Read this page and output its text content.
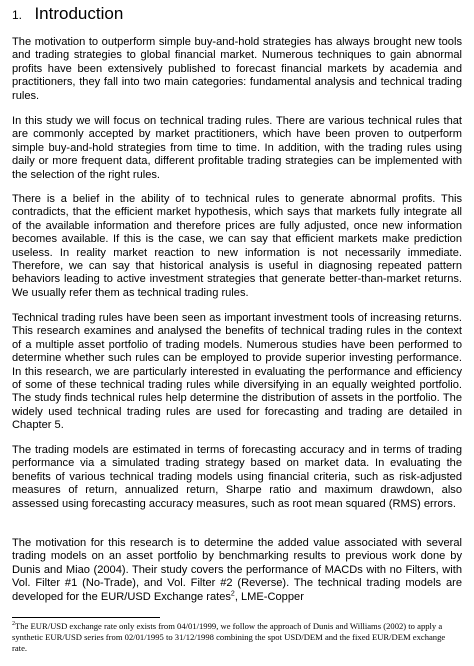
1. Introduction

The motivation to outperform simple buy-and-hold strategies has always brought new tools and trading strategies to global financial market. Numerous techniques to gain abnormal profits have been extensively published to forecast financial markets by academia and practitioners, they fall into two main categories: fundamental analysis and technical trading rules.

In this study we will focus on technical trading rules. There are various technical rules that are commonly accepted by market practitioners, which have been proven to outperform simple buy-and-hold strategies from time to time. In addition, with the trading rules using daily or more frequent data, different profitable trading strategies can be implemented with the selection of the right rules.

There is a belief in the ability of to technical rules to generate abnormal profits. This contradicts, that the efficient market hypothesis, which says that markets fully integrate all of the available information and therefore prices are fully adjusted, once new information becomes available. If this is the case, we can say that efficient markets make prediction useless. In reality market reaction to new information is not necessarily immediate. Therefore, we can say that historical analysis is useful in diagnosing repeated pattern behaviors leading to active investment strategies that generate better-than-market returns. We usually refer them as technical trading rules.

Technical trading rules have been seen as important investment tools of increasing returns. This research examines and analysed the benefits of technical trading rules in the context of a multiple asset portfolio of trading models. Numerous studies have been performed to determine whether such rules can be employed to provide superior investing performance. In this research, we are particularly interested in evaluating the performance and efficiency of some of these technical trading rules while diversifying in an equally weighted portfolio. The study finds technical rules help determine the distribution of assets in the portfolio. The widely used technical trading rules are used for forecasting and trading are detailed in Chapter 5.

The trading models are estimated in terms of forecasting accuracy and in terms of trading performance via a simulated trading strategy based on market data. In evaluating the benefits of various technical trading models using financial criteria, such as risk-adjusted measures of return, annualized return, Sharpe ratio and maximum drawdown, also assessed using forecasting accuracy measures, such as root mean squared (RMS) errors.

The motivation for this research is to determine the added value associated with several trading models on an asset portfolio by benchmarking results to previous work done by Dunis and Miao (2004). Their study covers the performance of MACDs with no Filters, with Vol. Filter #1 (No-Trade), and Vol. Filter #2 (Reverse). The technical trading models are developed for the EUR/USD Exchange rates$^2$, LME-Copper

$^2$The EUR/USD exchange rate only exists from 04/01/1999, we follow the approach of Dunis and Williams (2002) to apply a synthetic EUR/USD series from 02/01/1995 to 31/12/1998 combining the spot USD/DEM and the fixed EUR/DEM exchange rate.
